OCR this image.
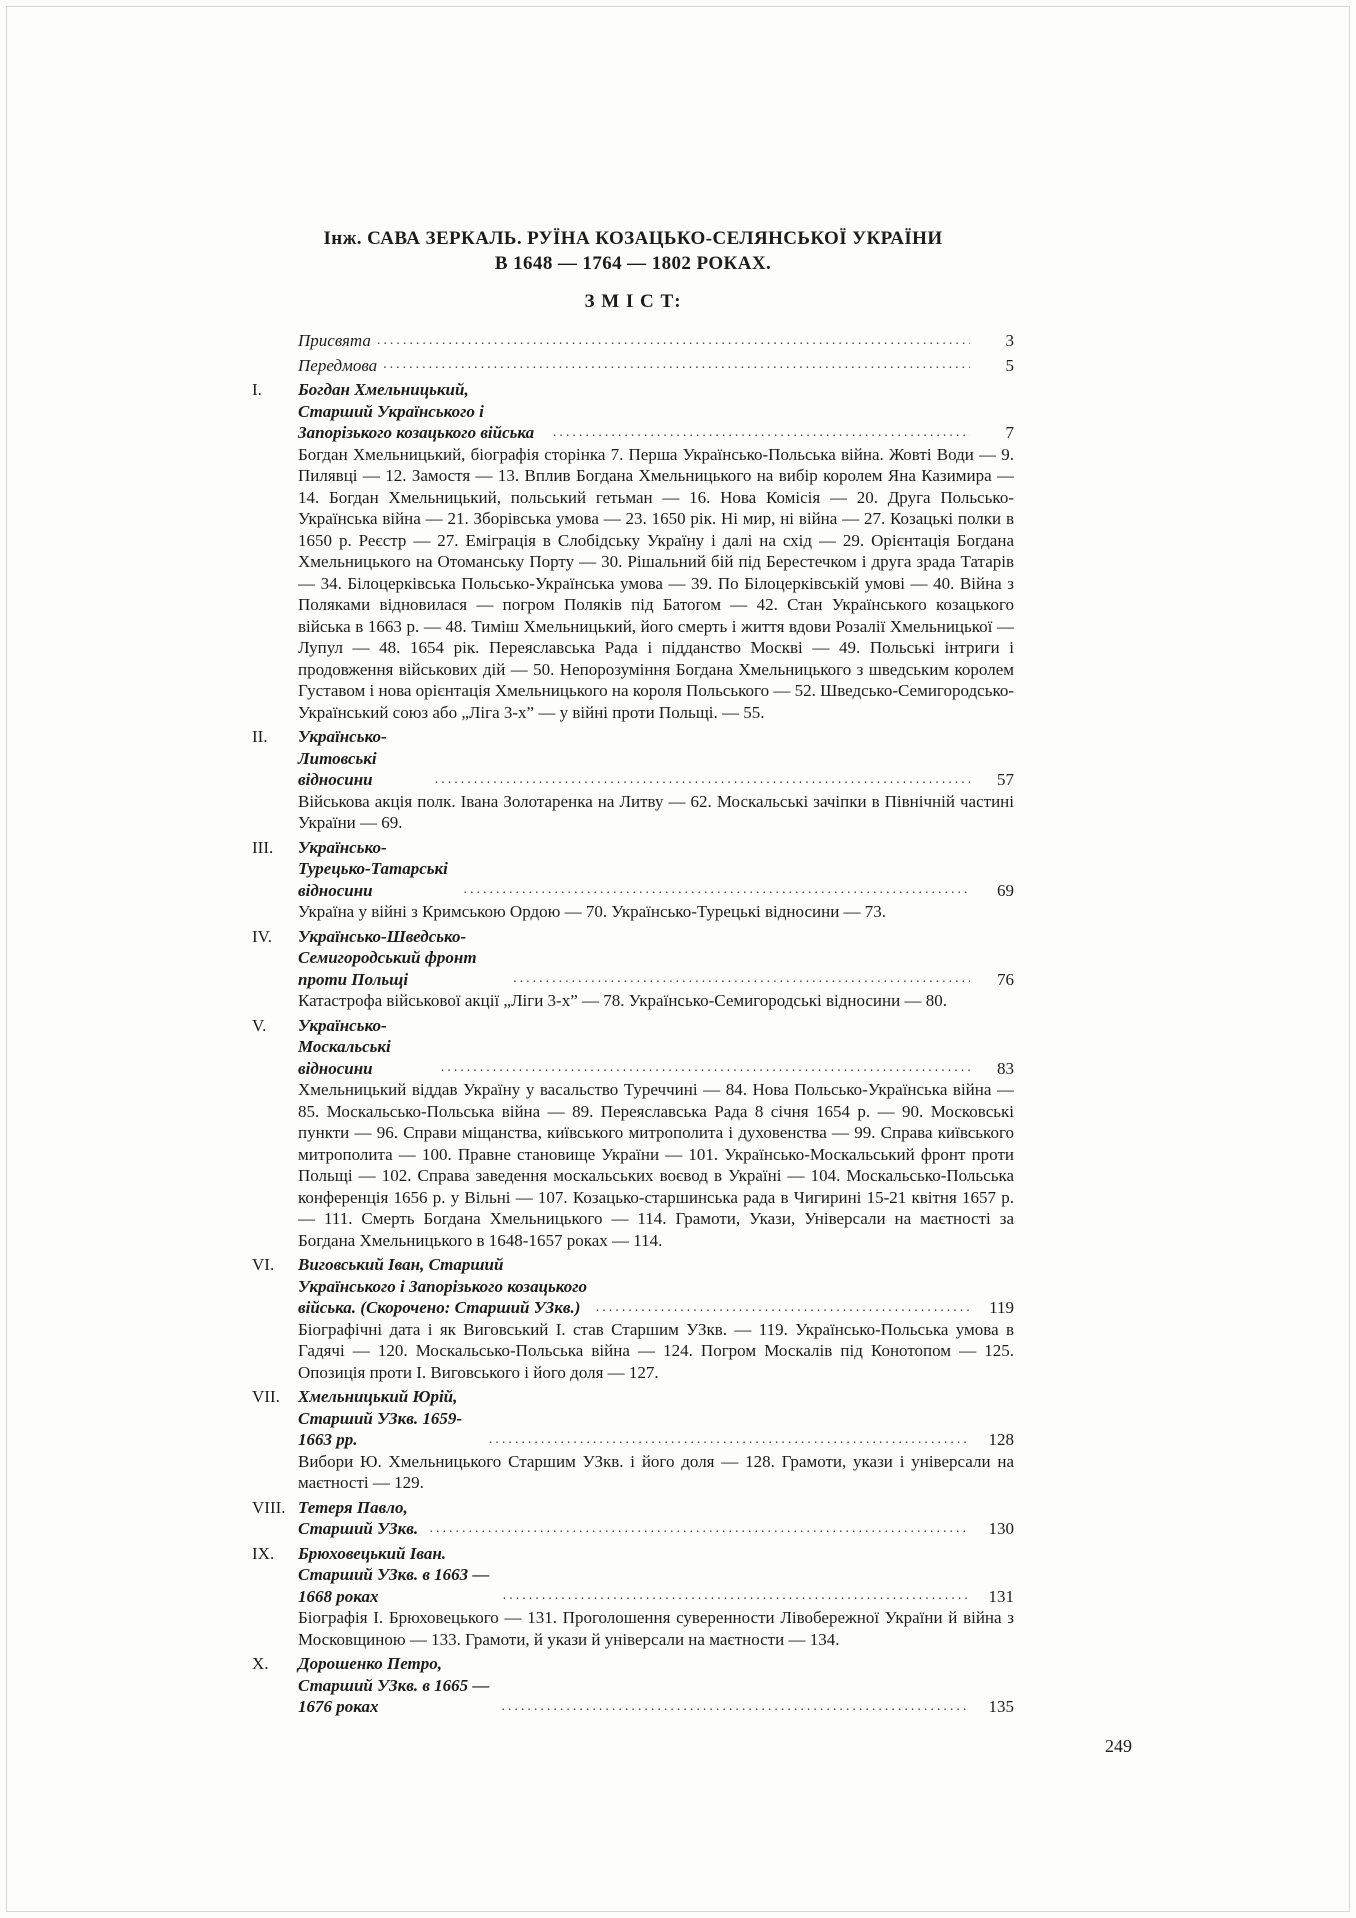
Інж. САВА ЗЕРКАЛЬ. РУЇНА КОЗАЦЬКО-СЕЛЯНСЬКОЇ УКРАЇНИ
В 1648 — 1764 — 1802 РОКАХ.
З М І С Т:
Присвята .....	3
Передмова .....	5
I. Богдан Хмельницький, Старший Українського і Запорізького козацького війська .....	7
Богдан Хмельницький, біографія сторінка 7. Перша Українсько-Польська війна. Жовті Води — 9. Пилявці — 12. Замостя — 13. Вплив Богдана Хмельницького на вибір королем Яна Казимира — 14. Богдан Хмельницький, польський гетьман — 16. Нова Комісія — 20. Друга Польсько-Українська війна — 21. Зборівська умова — 23. 1650 рік. Ні мир, ні війна — 27. Козацькі полки в 1650 р. Реєстр — 27. Еміграція в Слобідську Україну і далі на схід — 29. Орієнтація Богдана Хмельницького на Отоманську Порту — 30. Рішальний бій під Берестечком і друга зрада Татарів — 34. Білоцерківська Польсько-Українська умова — 39. По Білоцерківській умові — 40. Війна з Поляками відновилася — погром Поляків під Батогом — 42. Стан Українського козацького війська в 1663 р. — 48. Тиміш Хмельницький, його смерть і життя вдови Розалії Хмельницької — Лупул — 48. 1654 рік. Переяславська Рада і підданство Москві — 49. Польські інтриги і продовження військових дій — 50. Непорозуміння Богдана Хмельницького з шведським королем Густавом і нова орієнтація Хмельницького на короля Польського — 52. Шведсько-Семигородсько-Український союз або „Ліга 3-х” — у війні проти Польщі. — 55.
II. Українсько-Литовські відносини .....	57
Військова акція полк. Івана Золотаренка на Литву — 62. Москальські зачіпки в Північній частині України — 69.
III. Українсько-Турецько-Татарські відносини .....	69
Україна у війні з Кримською Ордою — 70. Українсько-Турецькі відносини — 73.
IV. Українсько-Шведсько-Семигородський фронт проти Польщі .....	76
Катастрофа військової акції „Ліги 3-х” — 78. Українсько-Семигородські відносини — 80.
V. Українсько-Москальські відносини .....	83
Хмельницький віддав Україну у васальство Туреччині — 84. Нова Польсько-Українська війна — 85. Москальсько-Польська війна — 89. Переяславська Рада 8 січня 1654 р. — 90. Московські пункти — 96. Справи міщанства, київського митрополита і духовенства — 99. Справа київського митрополита — 100. Правне становище України — 101. Українсько-Москальський фронт проти Польщі — 102. Справа заведення москальських воєвод в Україні — 104. Москальсько-Польська конференція 1656 р. у Вільні — 107. Козацько-старшинська рада в Чигирині 15-21 квітня 1657 р. — 111. Смерть Богдана Хмельницького — 114. Грамоти, Укази, Універсали на маєтності за Богдана Хмельницького в 1648-1657 роках — 114.
VI. Виговський Іван, Старший Українського і Запорізького козацького війська. (Скорочено: Старший УЗкв.) .....	119
Біографічні дата і як Виговський І. став Старшим УЗкв. — 119. Українсько-Польська умова в Гадячі — 120. Москальсько-Польська війна — 124. Погром Москалів під Конотопом — 125. Опозиція проти І. Виговського і його доля — 127.
VII. Хмельницький Юрій, Старший УЗкв. 1659-1663 рр. .....	128
Вибори Ю. Хмельницького Старшим УЗкв. і його доля — 128. Грамоти, укази і універсали на маєтності — 129.
VIII. Тетеря Павло, Старший УЗкв. .....	130
IX. Брюховецький Іван. Старший УЗкв. в 1663 — 1668 роках .....	131
Біографія І. Брюховецького — 131. Проголошення суверенности Лівобережної України й війна з Московщиною — 133. Грамоти, й укази й універсали на маєтности — 134.
X. Дорошенко Петро, Старший УЗкв. в 1665 — 1676 роках .....	135
249
